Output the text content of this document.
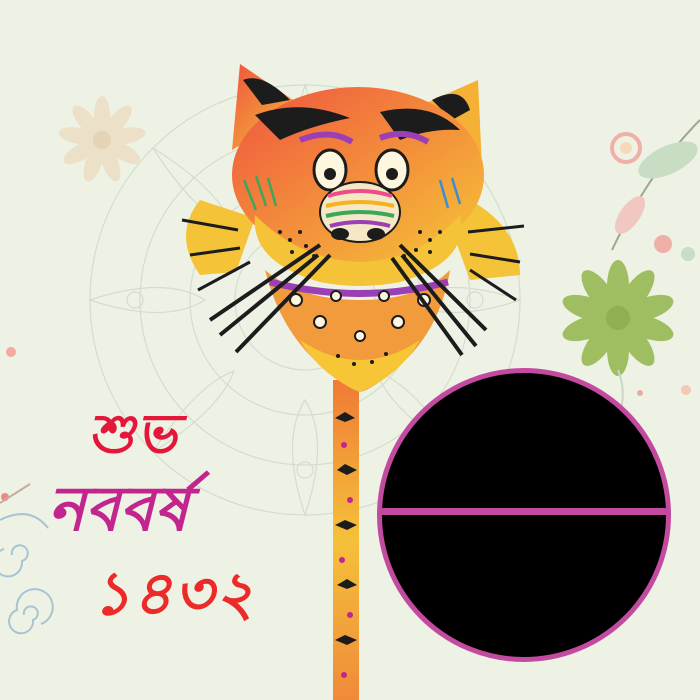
শুভ

নববর্ষ

১৪৩২
